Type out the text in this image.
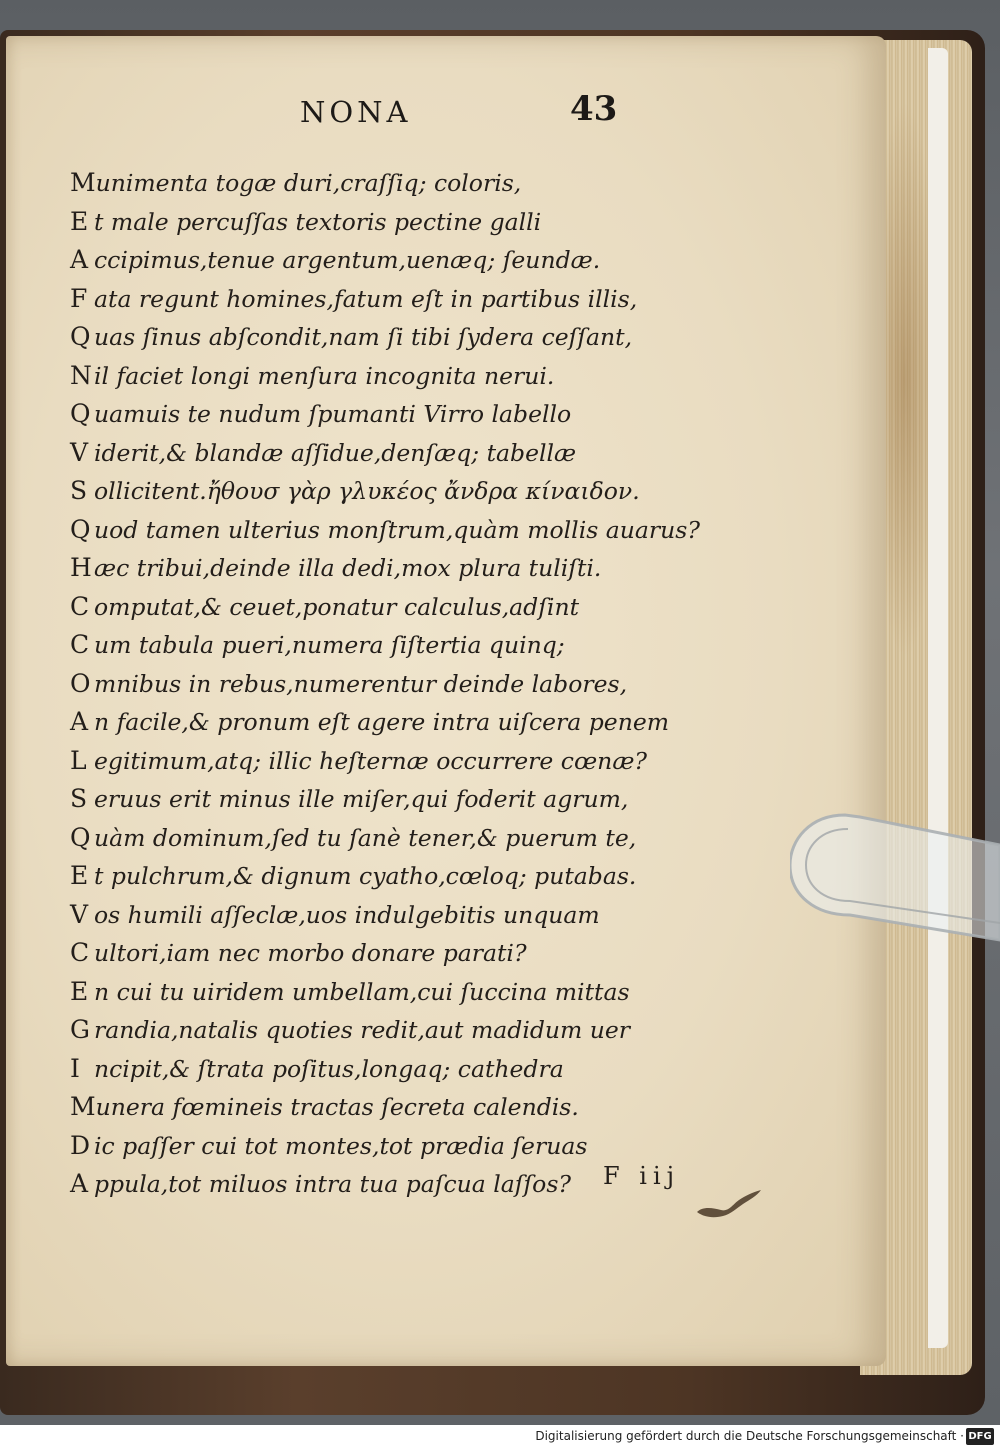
NONA	43
Munimenta togæ duri,craſſiq; coloris,
E t male percuſſas textoris pectine galli
A ccipimus,tenue argentum,uenæq; ſeundæ.
F ata regunt homines,fatum eſt in partibus illis,
Q uas ſinus abſcondit,nam ſi tibi ſydera ceſſant,
Nil faciet longi menſura incognita nerui.
Q uamuis te nudum ſpumanti Virro labello
V iderit,& blandæ aſſidue,denſæq; tabellæ
S ollicitent.ἤθουσ γὰρ γλυκέος ἄνδρα κίναιδον.
Q uod tamen ulterius monſtrum,quàm mollis auarus?
Hæc tribui,deinde illa dedi,mox plura tuliſti.
C omputat,& ceuet,ponatur calculus,adſint
C um tabula pueri,numera ſiſtertia quinq;
O mnibus in rebus,numerentur deinde labores,
A n facile,& pronum eſt agere intra uiſcera penem
L egitimum,atq; illic heſternæ occurrere cœnæ?
S eruus erit minus ille miſer,qui foderit agrum,
Q uàm dominum,ſed tu ſanè tener,& puerum te,
E t pulchrum,& dignum cyatho,cœloq; putabas.
V os humili aſſeclæ,uos indulgebitis unquam
C ultori,iam nec morbo donare parati?
E n cui tu uiridem umbellam,cui ſuccina mittas
G randia,natalis quoties redit,aut madidum uer
I ncipit,& ſtrata poſitus,longaq; cathedra
Munera fœmineis tractas ſecreta calendis.
D ic paſſer cui tot montes,tot prædia ſeruas
A ppula,tot miluos intra tua paſcua laſſos?	F iij
Digitalisierung gefördert durch die Deutsche Forschungsgemeinschaft · DFG
